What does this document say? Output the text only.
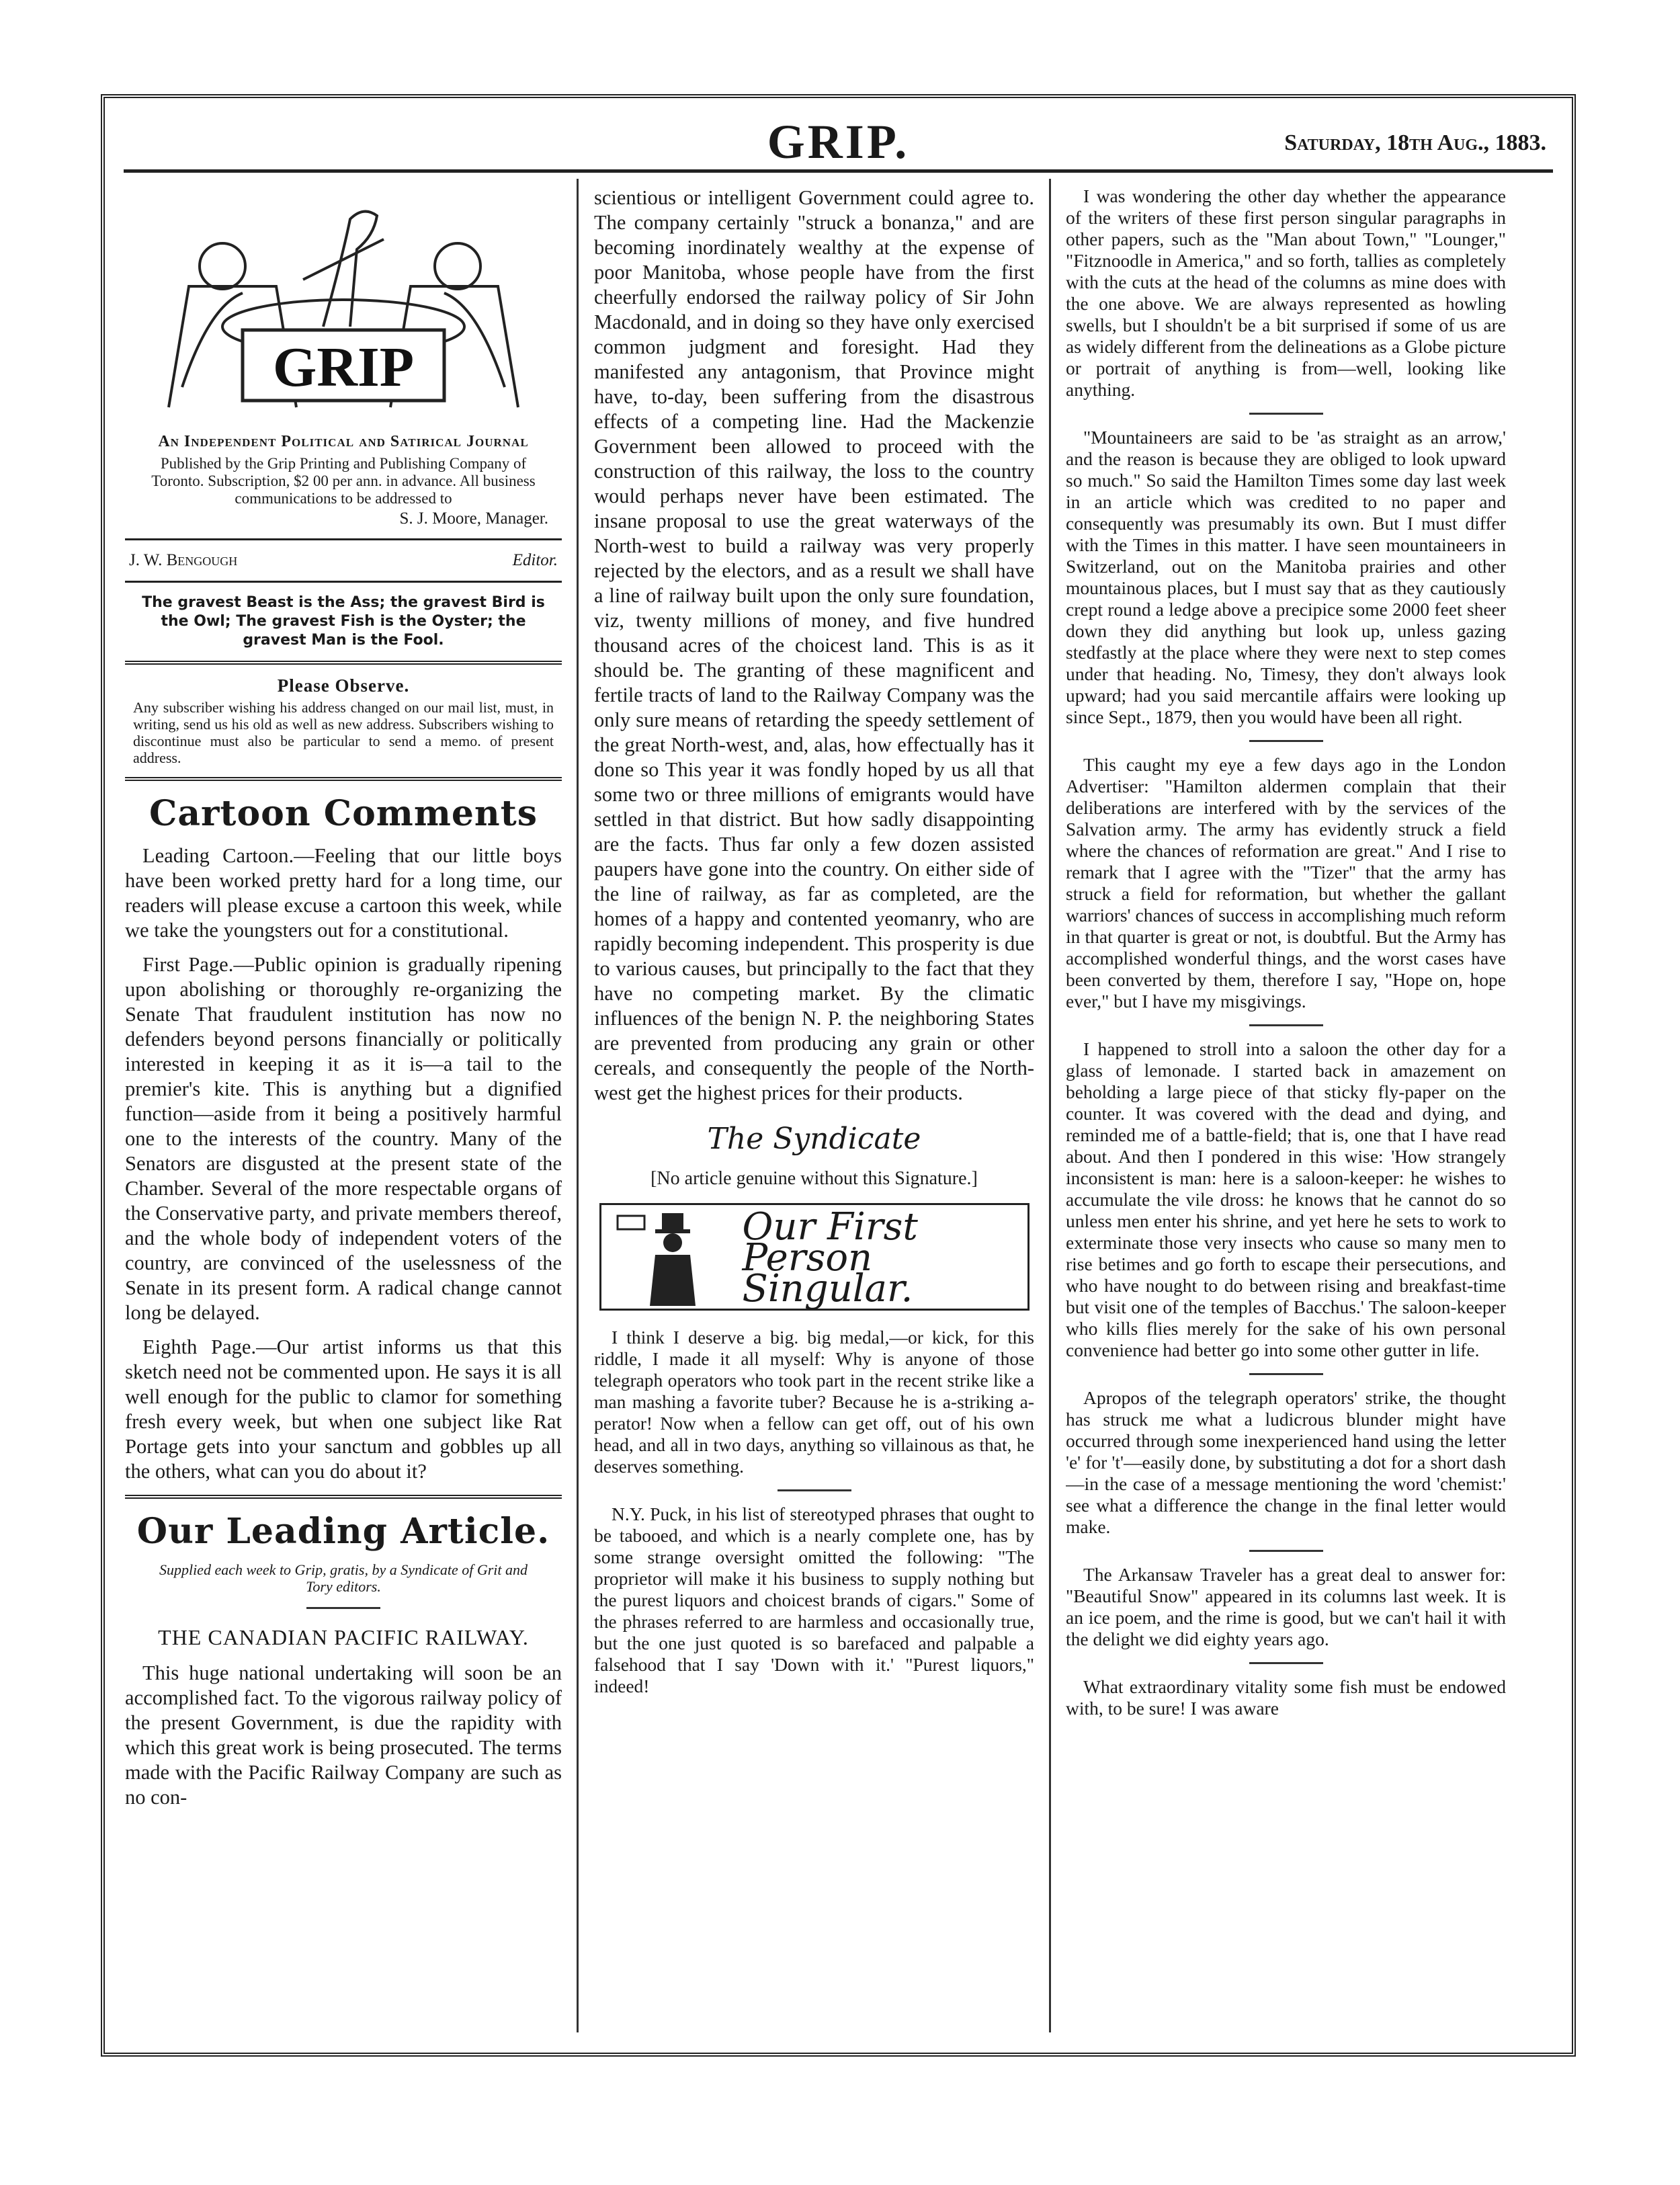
GRIP.	Saturday, 18th Aug., 1883.
GRIP
An Independent Political and Satirical Journal
Published by the Grip Printing and Publishing Company of Toronto. Subscription, $2 00 per ann. in advance. All business communications to be addressed to
S. J. Moore, Manager.
J. W. Bengough	Editor.
The gravest Beast is the Ass; the gravest Bird is the Owl; The gravest Fish is the Oyster; the gravest Man is the Fool.
Please Observe.
Any subscriber wishing his address changed on our mail list, must, in writing, send us his old as well as new address. Subscribers wishing to discontinue must also be particular to send a memo. of present address.
Cartoon Comments

Leading Cartoon.—Feeling that our little boys have been worked pretty hard for a long time, our readers will please excuse a cartoon this week, while we take the youngsters out for a constitutional.

First Page.—Public opinion is gradually ripening upon abolishing or thoroughly re-organizing the Senate That fraudulent institution has now no defenders beyond persons financially or politically interested in keeping it as it is—a tail to the premier's kite. This is anything but a dignified function—aside from it being a positively harmful one to the interests of the country. Many of the Senators are disgusted at the present state of the Chamber. Several of the more respectable organs of the Conservative party, and private members thereof, and the whole body of independent voters of the country, are convinced of the uselessness of the Senate in its present form. A radical change cannot long be delayed.

Eighth Page.—Our artist informs us that this sketch need not be commented upon. He says it is all well enough for the public to clamor for something fresh every week, but when one subject like Rat Portage gets into your sanctum and gobbles up all the others, what can you do about it?

Our Leading Article.
Supplied each week to Grip, gratis, by a Syndicate of Grit and Tory editors.
THE CANADIAN PACIFIC RAILWAY.

This huge national undertaking will soon be an accomplished fact. To the vigorous railway policy of the present Government, is due the rapidity with which this great work is being prosecuted. The terms made with the Pacific Railway Company are such as no con-

scientious or intelligent Government could agree to. The company certainly "struck a bonanza," and are becoming inordinately wealthy at the expense of poor Manitoba, whose people have from the first cheerfully endorsed the railway policy of Sir John Macdonald, and in doing so they have only exercised common judgment and foresight. Had they manifested any antagonism, that Province might have, to-day, been suffering from the disastrous effects of a competing line. Had the Mackenzie Government been allowed to proceed with the construction of this railway, the loss to the country would perhaps never have been estimated. The insane proposal to use the great waterways of the North-west to build a railway was very properly rejected by the electors, and as a result we shall have a line of railway built upon the only sure foundation, viz, twenty millions of money, and five hundred thousand acres of the choicest land. This is as it should be. The granting of these magnificent and fertile tracts of land to the Railway Company was the only sure means of retarding the speedy settlement of the great North-west, and, alas, how effectually has it done so This year it was fondly hoped by us all that some two or three millions of emigrants would have settled in that district. But how sadly disappointing are the facts. Thus far only a few dozen assisted paupers have gone into the country. On either side of the line of railway, as far as completed, are the homes of a happy and contented yeomanry, who are rapidly becoming independent. This prosperity is due to various causes, but principally to the fact that they have no competing market. By the climatic influences of the benign N. P. the neighboring States are prevented from producing any grain or other cereals, and consequently the people of the North-west get the highest prices for their products.

The Syndicate
[No article genuine without this Signature.]
Our First Person Singular.

I think I deserve a big. big medal,—or kick, for this riddle, I made it all myself: Why is anyone of those telegraph operators who took part in the recent strike like a man mashing a favorite tuber? Because he is a-striking a-perator! Now when a fellow can get off, out of his own head, and all in two days, anything so villainous as that, he deserves something.

N.Y. Puck, in his list of stereotyped phrases that ought to be tabooed, and which is a nearly complete one, has by some strange oversight omitted the following: "The proprietor will make it his business to supply nothing but the purest liquors and choicest brands of cigars." Some of the phrases referred to are harmless and occasionally true, but the one just quoted is so barefaced and palpable a falsehood that I say 'Down with it.' "Purest liquors," indeed!

I was wondering the other day whether the appearance of the writers of these first person singular paragraphs in other papers, such as the "Man about Town," "Lounger," "Fitznoodle in America," and so forth, tallies as completely with the cuts at the head of the columns as mine does with the one above. We are always represented as howling swells, but I shouldn't be a bit surprised if some of us are as widely different from the delineations as a Globe picture or portrait of anything is from—well, looking like anything.

"Mountaineers are said to be 'as straight as an arrow,' and the reason is because they are obliged to look upward so much." So said the Hamilton Times some day last week in an article which was credited to no paper and consequently was presumably its own. But I must differ with the Times in this matter. I have seen mountaineers in Switzerland, out on the Manitoba prairies and other mountainous places, but I must say that as they cautiously crept round a ledge above a precipice some 2000 feet sheer down they did anything but look up, unless gazing stedfastly at the place where they were next to step comes under that heading. No, Timesy, they don't always look upward; had you said mercantile affairs were looking up since Sept., 1879, then you would have been all right.

This caught my eye a few days ago in the London Advertiser: "Hamilton aldermen complain that their deliberations are interfered with by the services of the Salvation army. The army has evidently struck a field where the chances of reformation are great." And I rise to remark that I agree with the "Tizer" that the army has struck a field for reformation, but whether the gallant warriors' chances of success in accomplishing much reform in that quarter is great or not, is doubtful. But the Army has accomplished wonderful things, and the worst cases have been converted by them, therefore I say, "Hope on, hope ever," but I have my misgivings.

I happened to stroll into a saloon the other day for a glass of lemonade. I started back in amazement on beholding a large piece of that sticky fly-paper on the counter. It was covered with the dead and dying, and reminded me of a battle-field; that is, one that I have read about. And then I pondered in this wise: 'How strangely inconsistent is man: here is a saloon-keeper: he wishes to accumulate the vile dross: he knows that he cannot do so unless men enter his shrine, and yet here he sets to work to exterminate those very insects who cause so many men to rise betimes and go forth to escape their persecutions, and who have nought to do between rising and breakfast-time but visit one of the temples of Bacchus.' The saloon-keeper who kills flies merely for the sake of his own personal convenience had better go into some other gutter in life.

Apropos of the telegraph operators' strike, the thought has struck me what a ludicrous blunder might have occurred through some inexperienced hand using the letter 'e' for 't'—easily done, by substituting a dot for a short dash—in the case of a message mentioning the word 'chemist:' see what a difference the change in the final letter would make.

The Arkansaw Traveler has a great deal to answer for: "Beautiful Snow" appeared in its columns last week. It is an ice poem, and the rime is good, but we can't hail it with the delight we did eighty years ago.

What extraordinary vitality some fish must be endowed with, to be sure! I was aware
